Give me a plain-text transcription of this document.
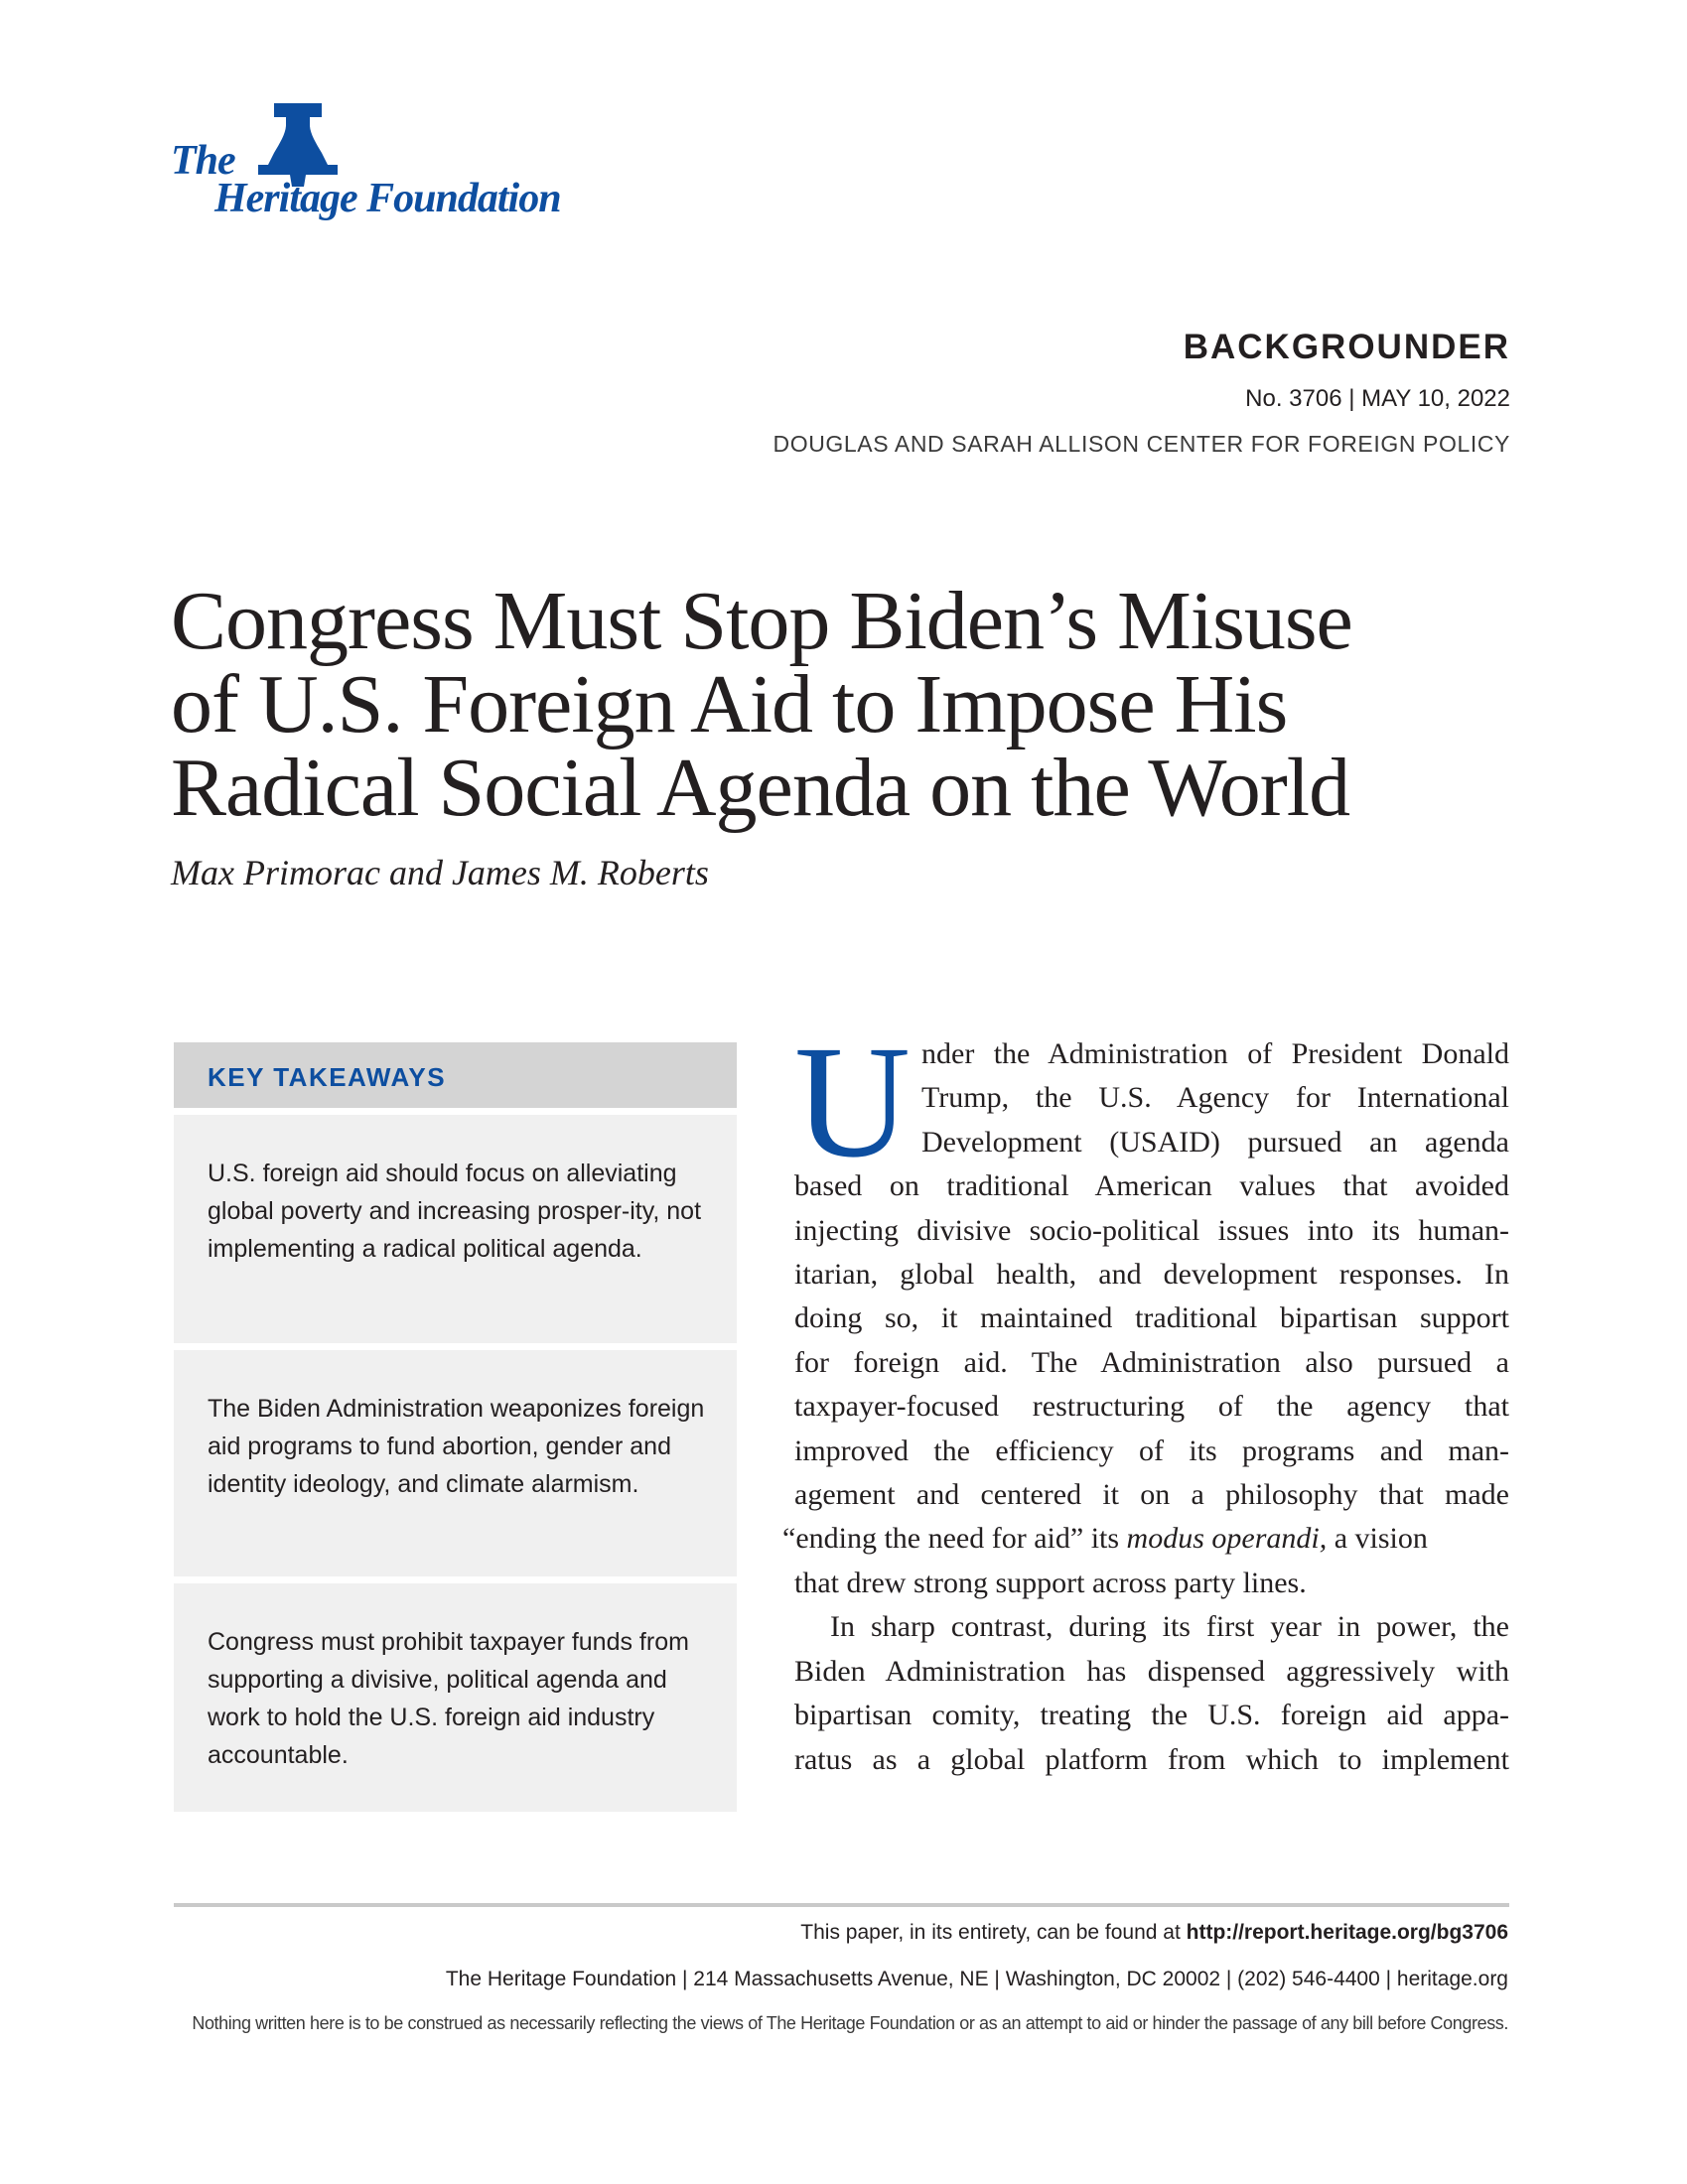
The
Heritage Foundation
BACKGROUNDER
No. 3706 | MAY 10, 2022
DOUGLAS AND SARAH ALLISON CENTER FOR FOREIGN POLICY
Congress Must Stop Biden’s Misuse
of U.S. Foreign Aid to Impose His
Radical Social Agenda on the World
Max Primorac and James M. Roberts
KEY TAKEAWAYS

U.S. foreign aid should focus on alleviating global poverty and increasing prosper-ity, not implementing a radical political agenda.

The Biden Administration weaponizes foreign aid programs to fund abortion, gender and identity ideology, and climate alarmism.

Congress must prohibit taxpayer funds from supporting a divisive, political agenda and work to hold the U.S. foreign aid industry accountable.

U nder the Administration of President Donald
Trump, the U.S. Agency for International
Development (USAID) pursued an agenda
based on traditional American values that avoided
injecting divisive socio-political issues into its human-
itarian, global health, and development responses. In
doing so, it maintained traditional bipartisan support
for foreign aid. The Administration also pursued a
taxpayer-focused restructuring of the agency that
improved the efficiency of its programs and man-
agement and centered it on a philosophy that made
“ending the need for aid” its modus operandi, a vision
that drew strong support across party lines.
In sharp contrast, during its first year in power, the
Biden Administration has dispensed aggressively with
bipartisan comity, treating the U.S. foreign aid appa-
ratus as a global platform from which to implement
This paper, in its entirety, can be found at http://report.heritage.org/bg3706
The Heritage Foundation | 214 Massachusetts Avenue, NE | Washington, DC 20002 | (202) 546-4400 | heritage.org
Nothing written here is to be construed as necessarily reflecting the views of The Heritage Foundation or as an attempt to aid or hinder the passage of any bill before Congress.
